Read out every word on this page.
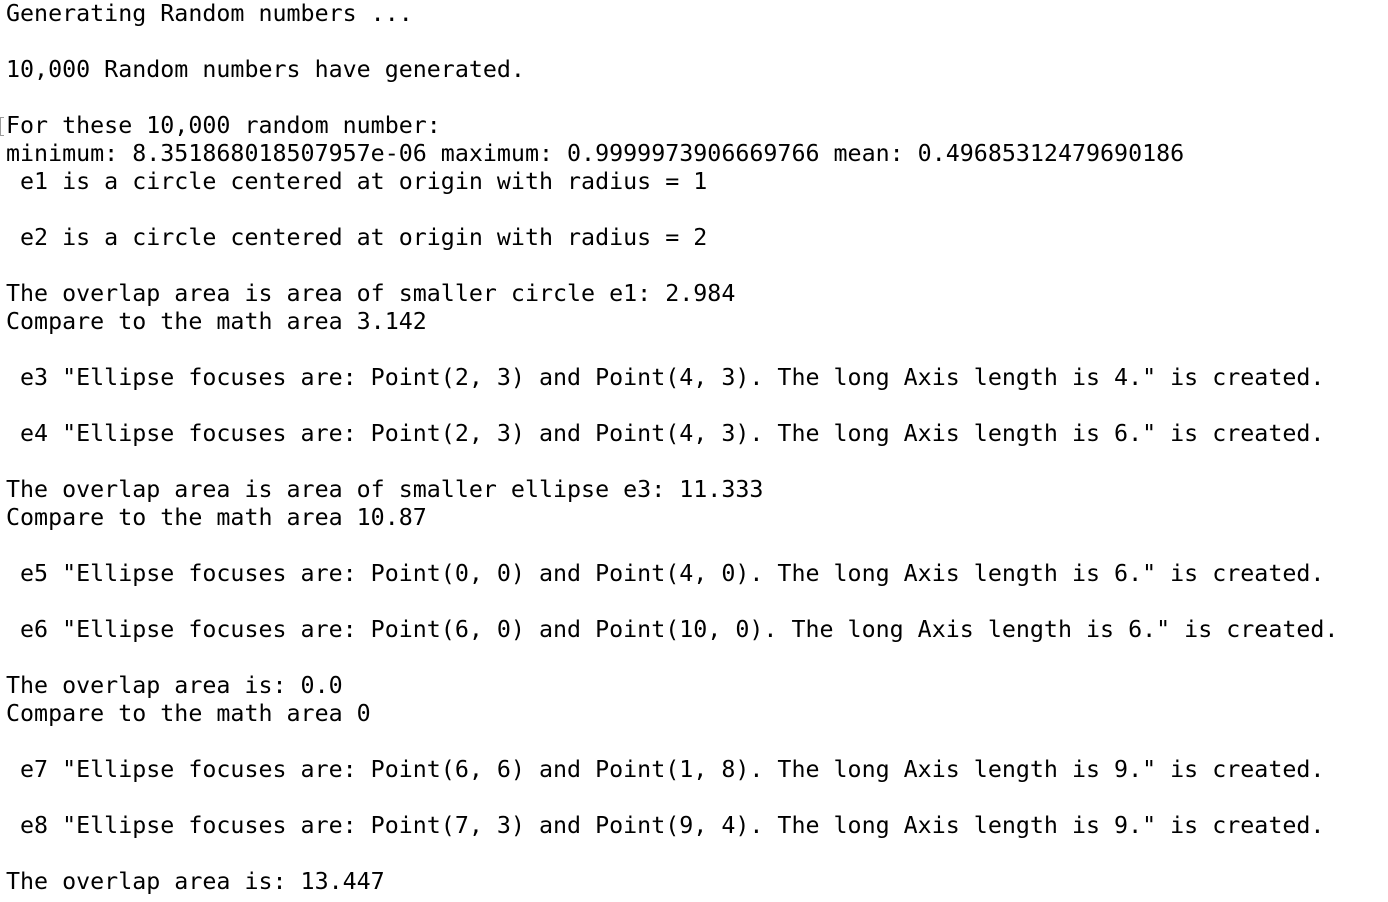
Generating Random numbers ...
10,000 Random numbers have generated.
For these 10,000 random number:
minimum: 8.351868018507957e-06 maximum: 0.9999973906669766 mean: 0.49685312479690186
e1 is a circle centered at origin with radius = 1
e2 is a circle centered at origin with radius = 2
The overlap area is area of smaller circle e1: 2.984
Compare to the math area 3.142
e3 "Ellipse focuses are: Point(2, 3) and Point(4, 3). The long Axis length is 4." is created.
e4 "Ellipse focuses are: Point(2, 3) and Point(4, 3). The long Axis length is 6." is created.
The overlap area is area of smaller ellipse e3: 11.333
Compare to the math area 10.87
e5 "Ellipse focuses are: Point(0, 0) and Point(4, 0). The long Axis length is 6." is created.
e6 "Ellipse focuses are: Point(6, 0) and Point(10, 0). The long Axis length is 6." is created.
The overlap area is: 0.0
Compare to the math area 0
e7 "Ellipse focuses are: Point(6, 6) and Point(1, 8). The long Axis length is 9." is created.
e8 "Ellipse focuses are: Point(7, 3) and Point(9, 4). The long Axis length is 9." is created.
The overlap area is: 13.447
